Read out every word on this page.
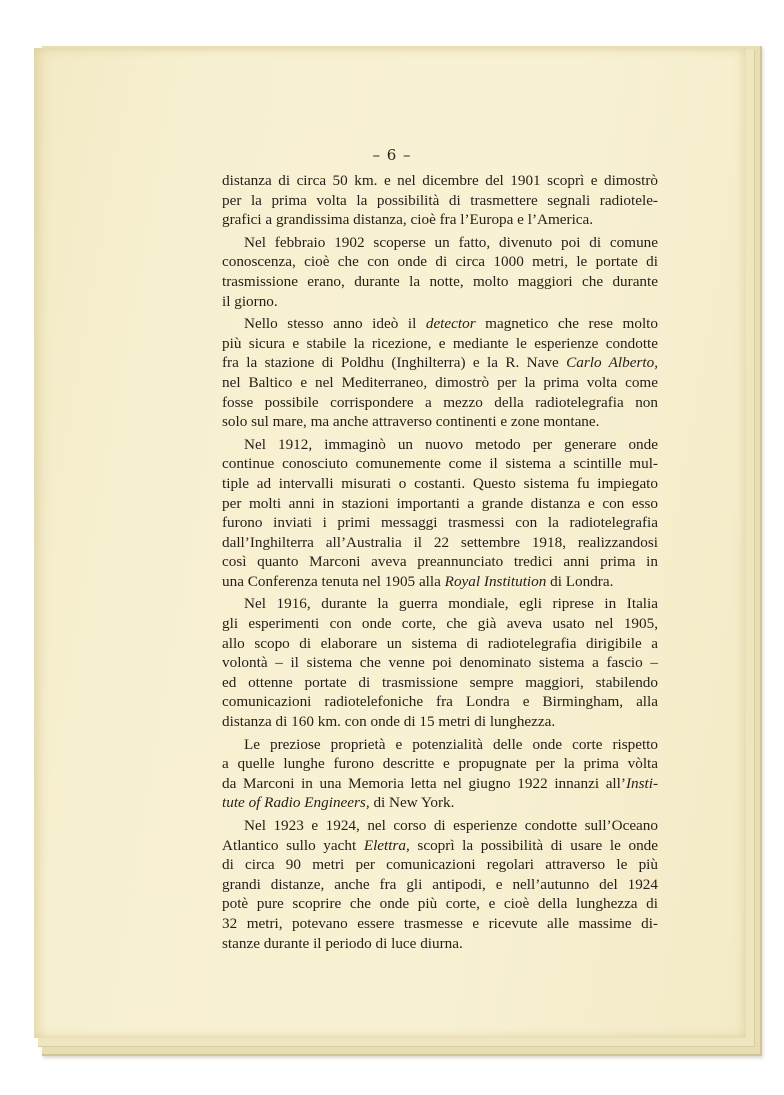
– 6 –
distanza di circa 50 km. e nel dicembre del 1901 scoprì e dimostrò
per la prima volta la possibilità di trasmettere segnali radiotele-
grafici a grandissima distanza, cioè fra l’Europa e l’America.
Nel febbraio 1902 scoperse un fatto, divenuto poi di comune
conoscenza, cioè che con onde di circa 1000 metri, le portate di
trasmissione erano, durante la notte, molto maggiori che durante
il giorno.
Nello stesso anno ideò il detector magnetico che rese molto
più sicura e stabile la ricezione, e mediante le esperienze condotte
fra la stazione di Poldhu (Inghilterra) e la R. Nave Carlo Alberto,
nel Baltico e nel Mediterraneo, dimostrò per la prima volta come
fosse possibile corrispondere a mezzo della radiotelegrafia non
solo sul mare, ma anche attraverso continenti e zone montane.
Nel 1912, immaginò un nuovo metodo per generare onde
continue conosciuto comunemente come il sistema a scintille mul-
tiple ad intervalli misurati o costanti. Questo sistema fu impiegato
per molti anni in stazioni importanti a grande distanza e con esso
furono inviati i primi messaggi trasmessi con la radiotelegrafia
dall’Inghilterra all’Australia il 22 settembre 1918, realizzandosi
così quanto Marconi aveva preannunciato tredici anni prima in
una Conferenza tenuta nel 1905 alla Royal Institution di Londra.
Nel 1916, durante la guerra mondiale, egli riprese in Italia
gli esperimenti con onde corte, che già aveva usato nel 1905,
allo scopo di elaborare un sistema di radiotelegrafia dirigibile a
volontà – il sistema che venne poi denominato sistema a fascio –
ed ottenne portate di trasmissione sempre maggiori, stabilendo
comunicazioni radiotelefoniche fra Londra e Birmingham, alla
distanza di 160 km. con onde di 15 metri di lunghezza.
Le preziose proprietà e potenzialità delle onde corte rispetto
a quelle lunghe furono descritte e propugnate per la prima vòlta
da Marconi in una Memoria letta nel giugno 1922 innanzi all’Insti-
tute of Radio Engineers, di New York.
Nel 1923 e 1924, nel corso di esperienze condotte sull’Oceano
Atlantico sullo yacht Elettra, scoprì la possibilità di usare le onde
di circa 90 metri per comunicazioni regolari attraverso le più
grandi distanze, anche fra gli antipodi, e nell’autunno del 1924
potè pure scoprire che onde più corte, e cioè della lunghezza di
32 metri, potevano essere trasmesse e ricevute alle massime di-
stanze durante il periodo di luce diurna.
